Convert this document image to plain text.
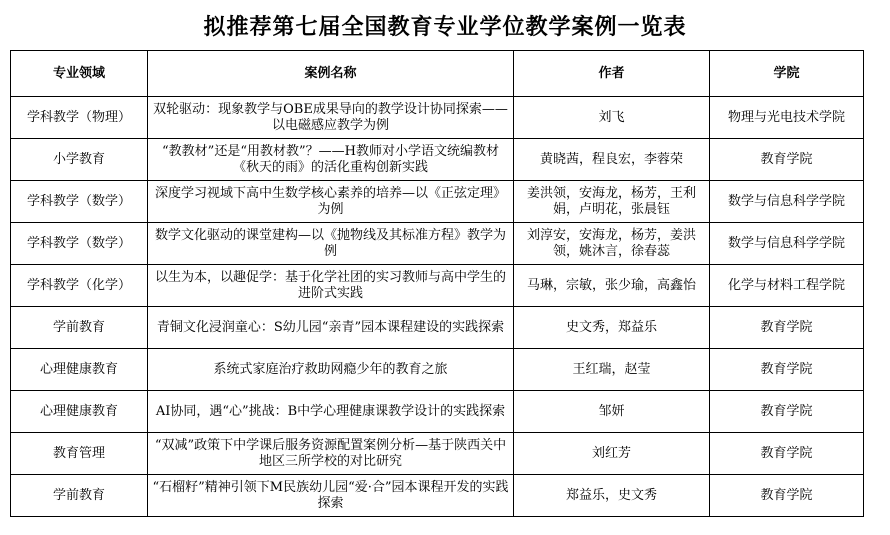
拟推荐第七届全国教育专业学位教学案例一览表
专业领域	案例名称	作者	学院
学科教学（物理）	双轮驱动：现象教学与OBE成果导向的教学设计协同探索——以电磁感应教学为例	刘飞	物理与光电技术学院
小学教育	“教教材”还是“用教材教”？——H教师对小学语文统编教材《秋天的雨》的活化重构创新实践	黄晓茜，程良宏，李蓉荣	教育学院
学科教学（数学）	深度学习视域下高中生数学核心素养的培养—以《正弦定理》为例	姜洪领，安海龙，杨芳，王利娟，卢明花，张晨钰	数学与信息科学学院
学科教学（数学）	数学文化驱动的课堂建构—以《抛物线及其标准方程》教学为例	刘淳安，安海龙，杨芳，姜洪领，姚沐言，徐春蕊	数学与信息科学学院
学科教学（化学）	以生为本，以趣促学：基于化学社团的实习教师与高中学生的进阶式实践	马琳，宗敏，张少瑜，高鑫怡	化学与材料工程学院
学前教育	青铜文化浸润童心：S幼儿园“亲青”园本课程建设的实践探索	史文秀，郑益乐	教育学院
心理健康教育	系统式家庭治疗救助网瘾少年的教育之旅	王红瑞，赵莹	教育学院
心理健康教育	AI协同，遇“心”挑战：B中学心理健康课教学设计的实践探索	邹妍	教育学院
教育管理	“双减”政策下中学课后服务资源配置案例分析—基于陕西关中地区三所学校的对比研究	刘红芳	教育学院
学前教育	“石榴籽”精神引领下M民族幼儿园“爱·合”园本课程开发的实践探索	郑益乐，史文秀	教育学院
